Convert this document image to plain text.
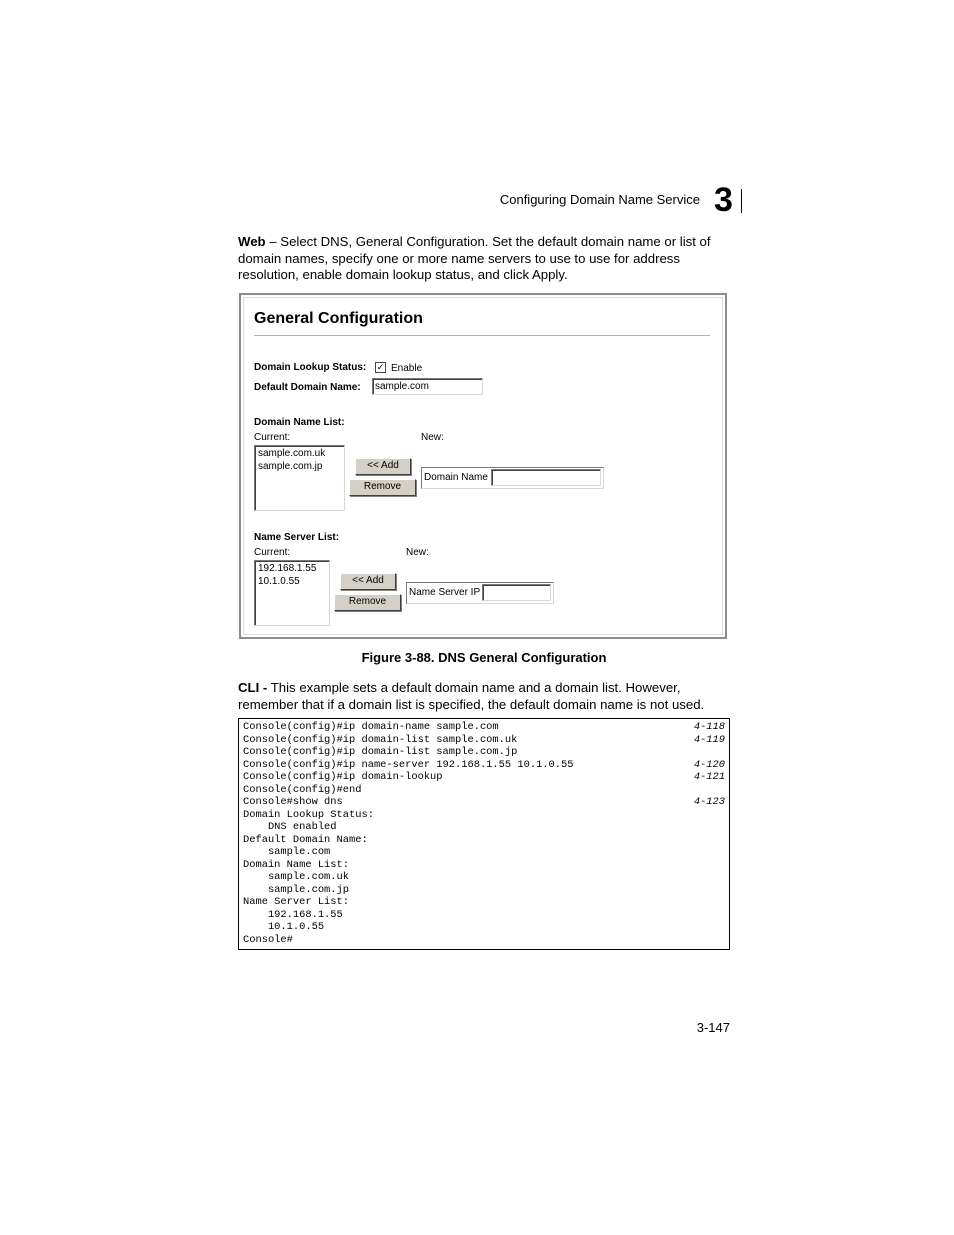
Configuring Domain Name Service 3
Web – Select DNS, General Configuration. Set the default domain name or list of
domain names, specify one or more name servers to use to use for address
resolution, enable domain lookup status, and click Apply.
General Configuration
Domain Lookup Status: ✓ Enable
Default Domain Name:	sample.com
Domain Name List:
Current:	New:
sample.com.uk
sample.com.jp	<< Add
Remove
Domain Name
Name Server List:
Current:	New:
192.168.1.55
10.1.0.55	<< Add
Remove
Name Server IP
Figure 3-88. DNS General Configuration
CLI - This example sets a default domain name and a domain list. However,
remember that if a domain list is specified, the default domain name is not used.
Console(config)#ip domain-name sample.com	4-118
Console(config)#ip domain-list sample.com.uk	4-119
Console(config)#ip domain-list sample.com.jp
Console(config)#ip name-server 192.168.1.55 10.1.0.55	4-120
Console(config)#ip domain-lookup	4-121
Console(config)#end
Console#show dns	4-123
Domain Lookup Status:
DNS enabled
Default Domain Name:
sample.com
Domain Name List:
sample.com.uk
sample.com.jp
Name Server List:
192.168.1.55
10.1.0.55
Console#
3-147
